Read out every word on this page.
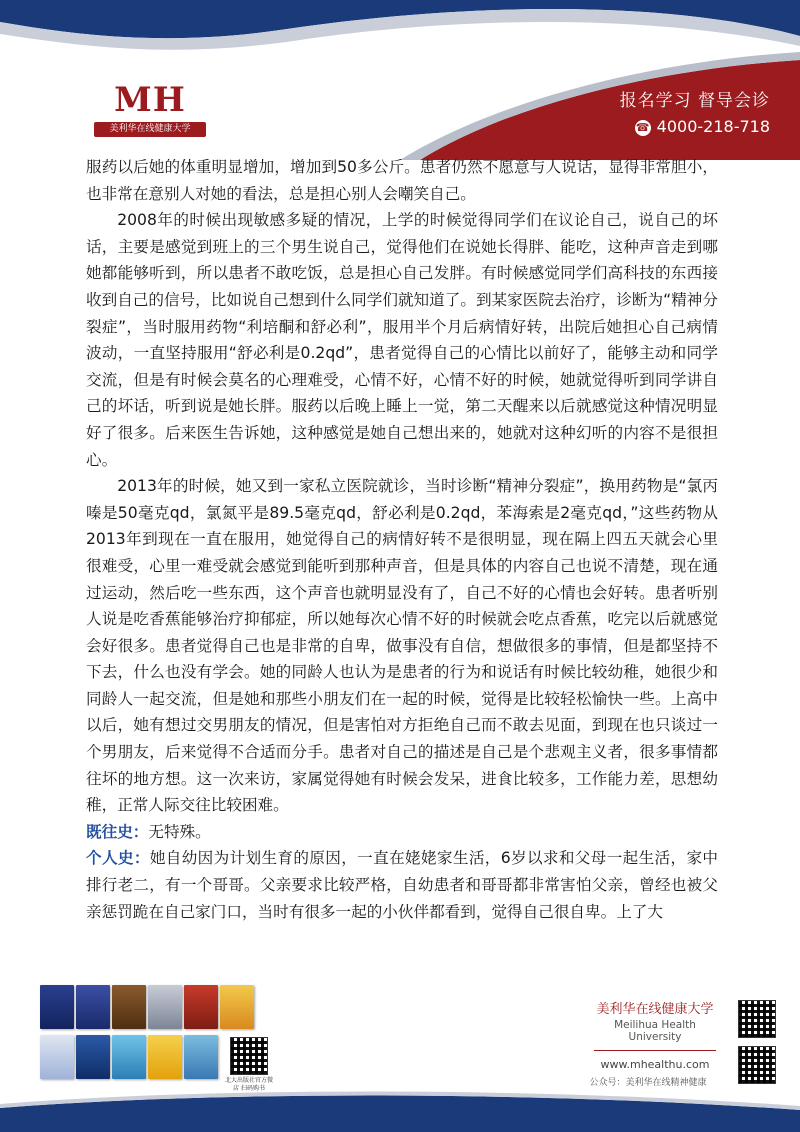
MH
美利华在线健康大学
报名学习 督导会诊
☎ 4000-218-718

服药以后她的体重明显增加，增加到50多公斤。患者仍然不愿意与人说话，显得非常胆小，也非常在意别人对她的看法，总是担心别人会嘲笑自己。

2008年的时候出现敏感多疑的情况，上学的时候觉得同学们在议论自己，说自己的坏话，主要是感觉到班上的三个男生说自己，觉得他们在说她长得胖、能吃，这种声音走到哪她都能够听到，所以患者不敢吃饭，总是担心自己发胖。有时候感觉同学们高科技的东西接收到自己的信号，比如说自己想到什么同学们就知道了。到某家医院去治疗，诊断为“精神分裂症”，当时服用药物“利培酮和舒必利”，服用半个月后病情好转，出院后她担心自己病情波动，一直坚持服用“舒必利是0.2qd”，患者觉得自己的心情比以前好了，能够主动和同学交流，但是有时候会莫名的心理难受，心情不好，心情不好的时候，她就觉得听到同学讲自己的坏话，听到说是她长胖。服药以后晚上睡上一觉，第二天醒来以后就感觉这种情况明显好了很多。后来医生告诉她，这种感觉是她自己想出来的，她就对这种幻听的内容不是很担心。

2013年的时候，她又到一家私立医院就诊，当时诊断“精神分裂症”，换用药物是“氯丙嗪是50毫克qd，氯氮平是89.5毫克qd，舒必利是0.2qd，苯海索是2毫克qd，”这些药物从2013年到现在一直在服用，她觉得自己的病情好转不是很明显，现在隔上四五天就会心里很难受，心里一难受就会感觉到能听到那种声音，但是具体的内容自己也说不清楚，现在通过运动，然后吃一些东西，这个声音也就明显没有了，自己不好的心情也会好转。患者听别人说是吃香蕉能够治疗抑郁症，所以她每次心情不好的时候就会吃点香蕉，吃完以后就感觉会好很多。患者觉得自己也是非常的自卑，做事没有自信，想做很多的事情，但是都坚持不下去，什么也没有学会。她的同龄人也认为是患者的行为和说话有时候比较幼稚，她很少和同龄人一起交流，但是她和那些小朋友们在一起的时候，觉得是比较轻松愉快一些。上高中以后，她有想过交男朋友的情况，但是害怕对方拒绝自己而不敢去见面，到现在也只谈过一个男朋友，后来觉得不合适而分手。患者对自己的描述是自己是个悲观主义者，很多事情都往坏的地方想。这一次来访，家属觉得她有时候会发呆，进食比较多，工作能力差，思想幼稚，正常人际交往比较困难。

既往史：无特殊。

个人史：她自幼因为计划生育的原因，一直在姥姥家生活，6岁以求和父母一起生活，家中排行老二，有一个哥哥。父亲要求比较严格，自幼患者和哥哥都非常害怕父亲，曾经也被父亲惩罚跪在自己家门口，当时有很多一起的小伙伴都看到，觉得自己很自卑。上了大

北大出版社官方微店 扫码购书
美利华在线健康大学
Meilihua Health University
www.mhealthu.com
公众号：美利华在线精神健康
